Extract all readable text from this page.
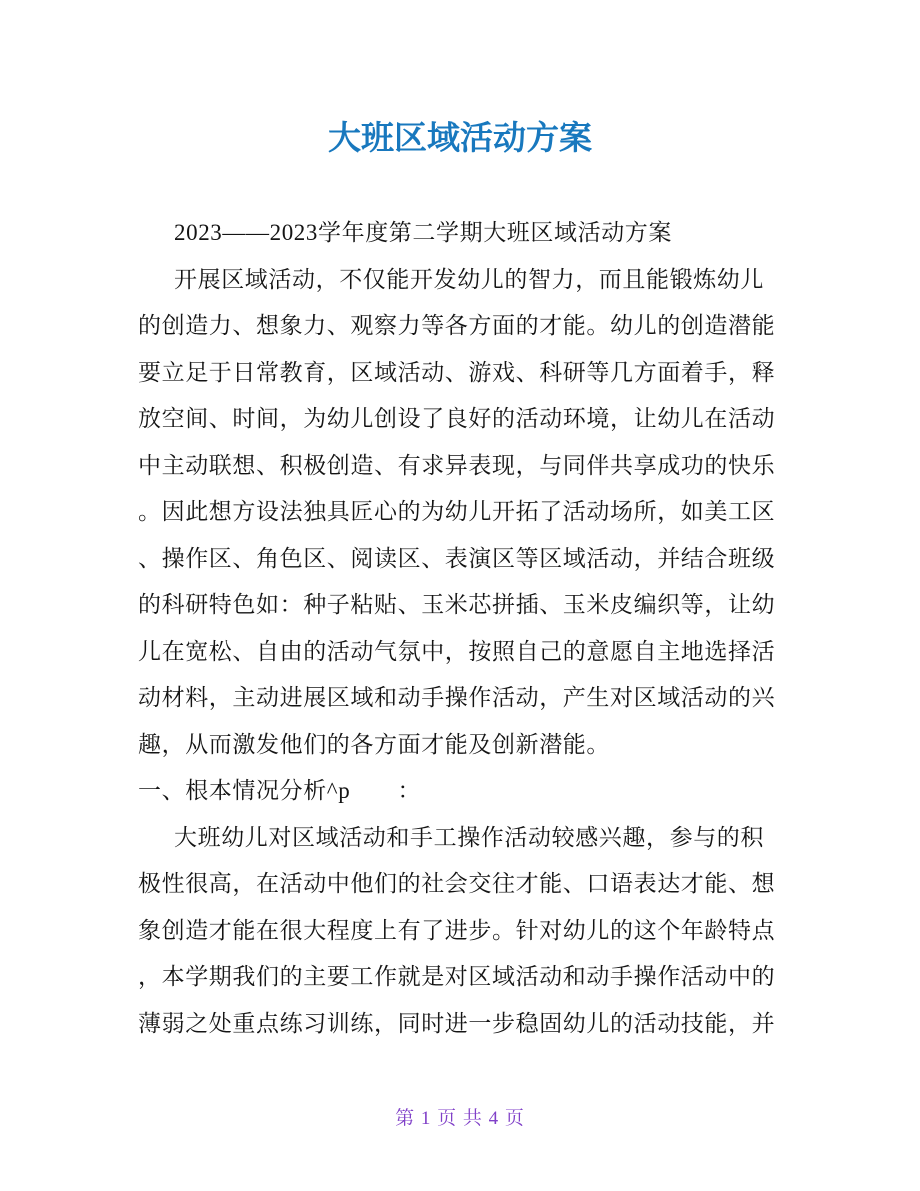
大班区域活动方案
2023——2023学年度第二学期大班区域活动方案
开展区域活动，不仅能开发幼儿的智力，而且能锻炼幼儿
的创造力、想象力、观察力等各方面的才能。幼儿的创造潜能
要立足于日常教育，区域活动、游戏、科研等几方面着手，释
放空间、时间，为幼儿创设了良好的活动环境，让幼儿在活动
中主动联想、积极创造、有求异表现，与同伴共享成功的快乐
。因此想方设法独具匠心的为幼儿开拓了活动场所，如美工区
、操作区、角色区、阅读区、表演区等区域活动，并结合班级
的科研特色如：种子粘贴、玉米芯拼插、玉米皮编织等，让幼
儿在宽松、自由的活动气氛中，按照自己的意愿自主地选择活
动材料，主动进展区域和动手操作活动，产生对区域活动的兴
趣，从而激发他们的各方面才能及创新潜能。
一、根本情况分析^p　　：
大班幼儿对区域活动和手工操作活动较感兴趣，参与的积
极性很高，在活动中他们的社会交往才能、口语表达才能、想
象创造才能在很大程度上有了进步。针对幼儿的这个年龄特点
，本学期我们的主要工作就是对区域活动和动手操作活动中的
薄弱之处重点练习训练，同时进一步稳固幼儿的活动技能，并
第 1 页 共 4 页
